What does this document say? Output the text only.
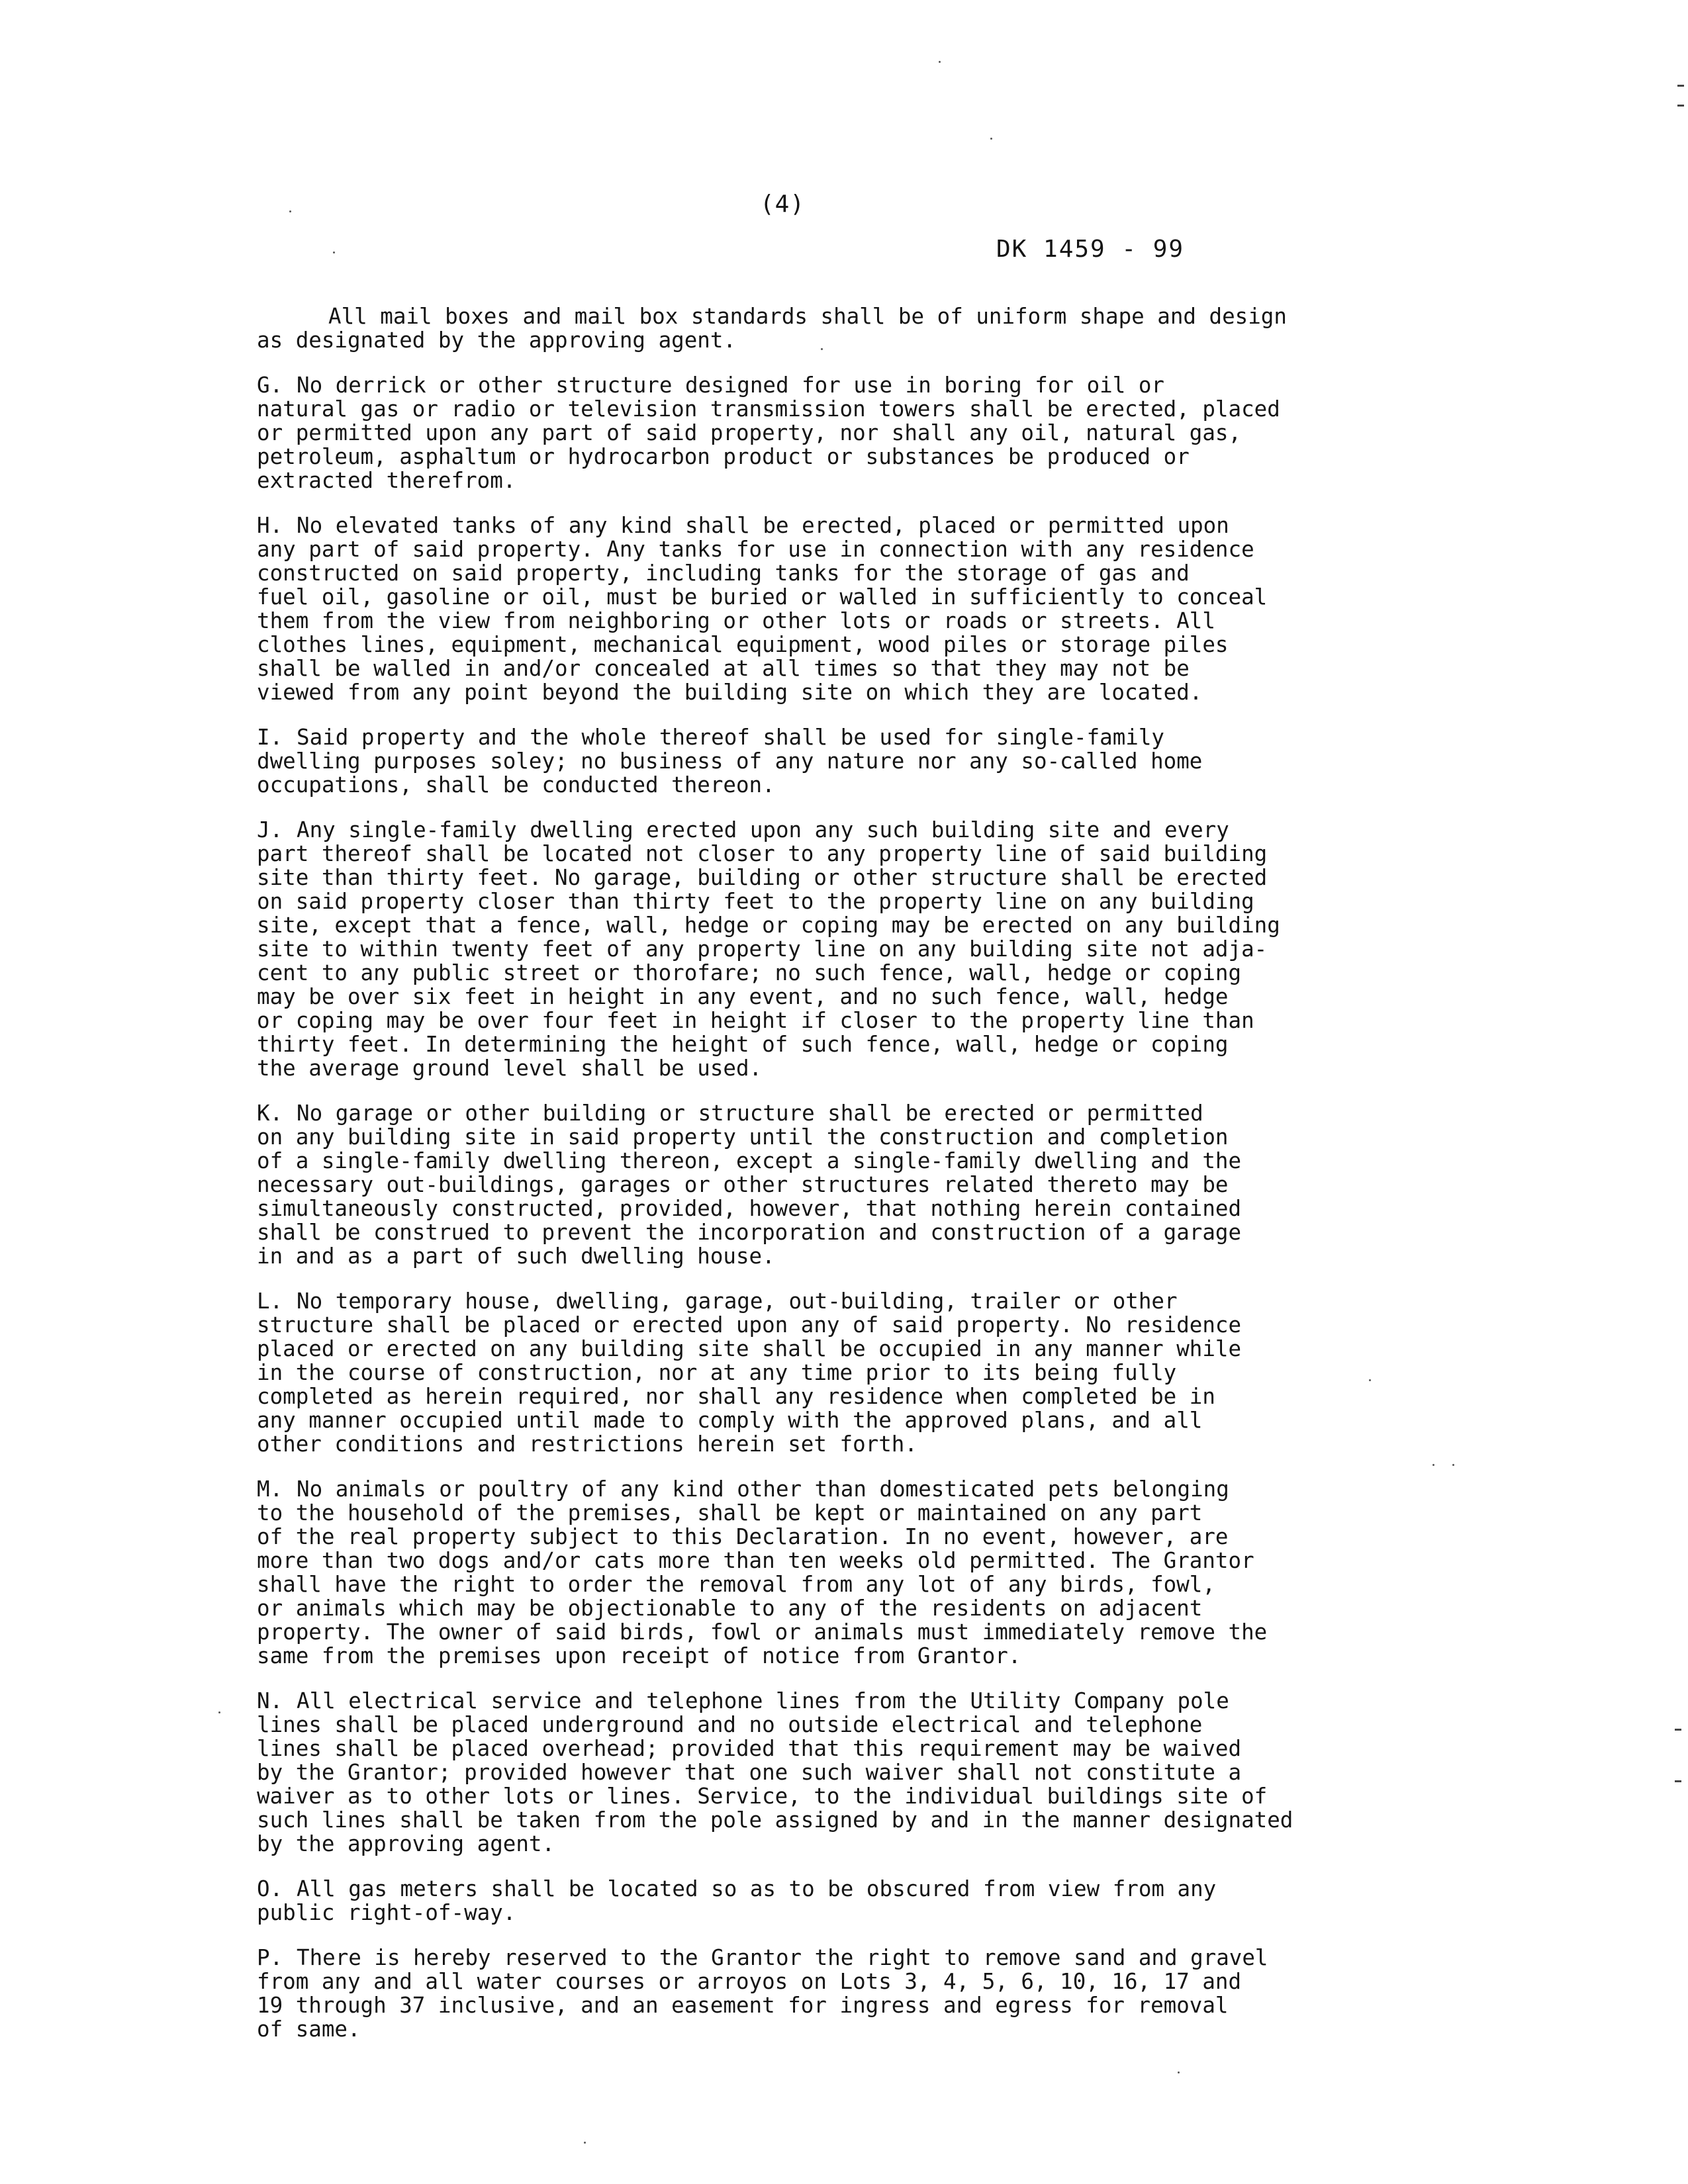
(4)
DK 1459 - 99

All mail boxes and mail box standards shall be of uniform shape and design
as designated by the approving agent.

G. No derrick or other structure designed for use in boring for oil or
natural gas or radio or television transmission towers shall be erected, placed
or permitted upon any part of said property, nor shall any oil, natural gas,
petroleum, asphaltum or hydrocarbon product or substances be produced or
extracted therefrom.

H. No elevated tanks of any kind shall be erected, placed or permitted upon
any part of said property. Any tanks for use in connection with any residence
constructed on said property, including tanks for the storage of gas and
fuel oil, gasoline or oil, must be buried or walled in sufficiently to conceal
them from the view from neighboring or other lots or roads or streets. All
clothes lines, equipment, mechanical equipment, wood piles or storage piles
shall be walled in and/or concealed at all times so that they may not be
viewed from any point beyond the building site on which they are located.

I. Said property and the whole thereof shall be used for single-family
dwelling purposes soley; no business of any nature nor any so-called home
occupations, shall be conducted thereon.

J. Any single-family dwelling erected upon any such building site and every
part thereof shall be located not closer to any property line of said building
site than thirty feet. No garage, building or other structure shall be erected
on said property closer than thirty feet to the property line on any building
site, except that a fence, wall, hedge or coping may be erected on any building
site to within twenty feet of any property line on any building site not adja-
cent to any public street or thorofare; no such fence, wall, hedge or coping
may be over six feet in height in any event, and no such fence, wall, hedge
or coping may be over four feet in height if closer to the property line than
thirty feet. In determining the height of such fence, wall, hedge or coping
the average ground level shall be used.

K. No garage or other building or structure shall be erected or permitted
on any building site in said property until the construction and completion
of a single-family dwelling thereon, except a single-family dwelling and the
necessary out-buildings, garages or other structures related thereto may be
simultaneously constructed, provided, however, that nothing herein contained
shall be construed to prevent the incorporation and construction of a garage
in and as a part of such dwelling house.

L. No temporary house, dwelling, garage, out-building, trailer or other
structure shall be placed or erected upon any of said property. No residence
placed or erected on any building site shall be occupied in any manner while
in the course of construction, nor at any time prior to its being fully
completed as herein required, nor shall any residence when completed be in
any manner occupied until made to comply with the approved plans, and all
other conditions and restrictions herein set forth.

M. No animals or poultry of any kind other than domesticated pets belonging
to the household of the premises, shall be kept or maintained on any part
of the real property subject to this Declaration. In no event, however, are
more than two dogs and/or cats more than ten weeks old permitted. The Grantor
shall have the right to order the removal from any lot of any birds, fowl,
or animals which may be objectionable to any of the residents on adjacent
property. The owner of said birds, fowl or animals must immediately remove the
same from the premises upon receipt of notice from Grantor.

N. All electrical service and telephone lines from the Utility Company pole
lines shall be placed underground and no outside electrical and telephone
lines shall be placed overhead; provided that this requirement may be waived
by the Grantor; provided however that one such waiver shall not constitute a
waiver as to other lots or lines. Service, to the individual buildings site of
such lines shall be taken from the pole assigned by and in the manner designated
by the approving agent.

O. All gas meters shall be located so as to be obscured from view from any
public right-of-way.

P. There is hereby reserved to the Grantor the right to remove sand and gravel
from any and all water courses or arroyos on Lots 3, 4, 5, 6, 10, 16, 17 and
19 through 37 inclusive, and an easement for ingress and egress for removal
of same.
